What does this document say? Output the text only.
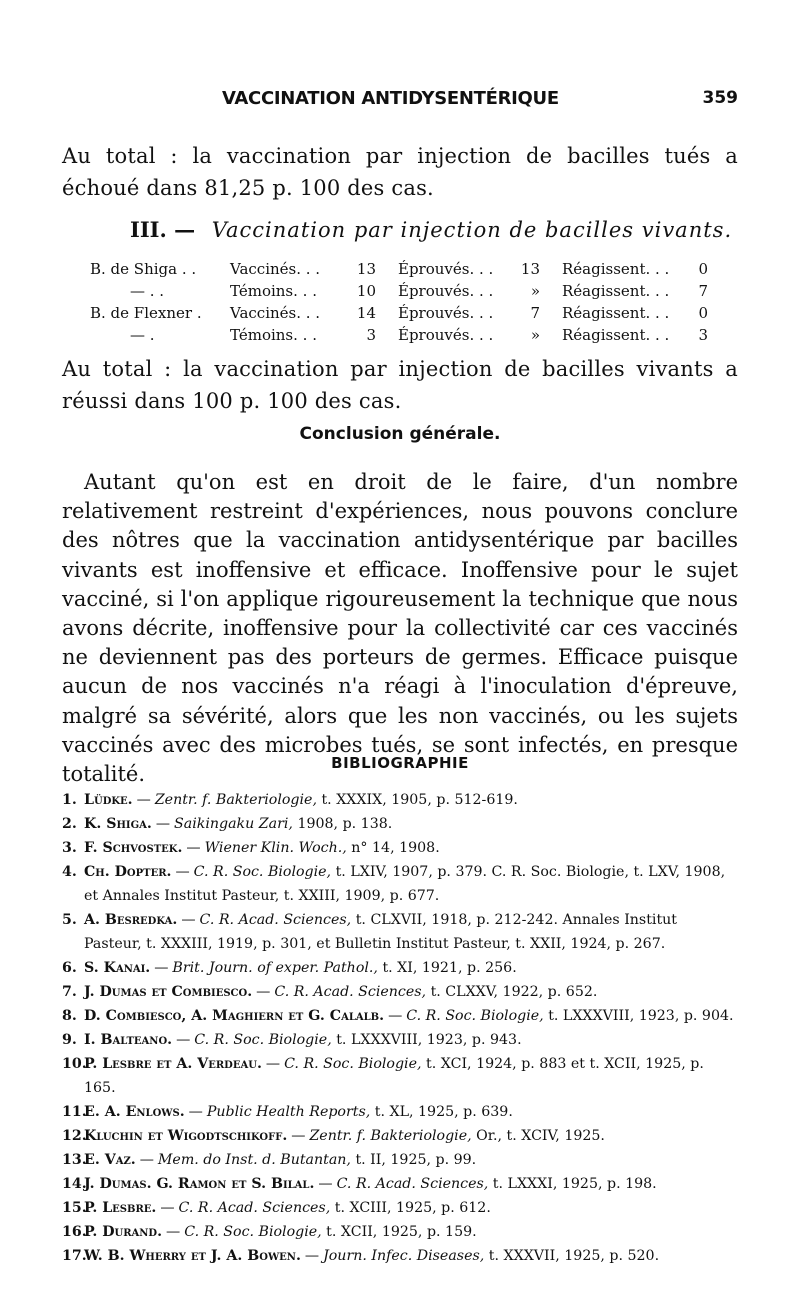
VACCINATION ANTIDYSENTÉRIQUE	359

Au total : la vaccination par injection de bacilles tués a échoué dans 81,25 p. 100 des cas.

III. — Vaccination par injection de bacilles vivants.
B. de Shiga . . Vaccinés. . .	13 Éprouvés. . .	13 Réagissent. . . 0
— . .	Témoins. . .	10 Éprouvés. . .	» Réagissent. . . 7
B. de Flexner . Vaccinés. . .	14 Éprouvés. . .	7 Réagissent. . . 0
— .	Témoins. . .	3 Éprouvés. . .	» Réagissent. . . 3

Au total : la vaccination par injection de bacilles vivants a réussi dans 100 p. 100 des cas.

Conclusion générale.

Autant qu'on est en droit de le faire, d'un nombre relativement restreint d'expériences, nous pouvons conclure des nôtres que la vaccination antidysentérique par bacilles vivants est inoffensive et efficace. Inoffensive pour le sujet vacciné, si l'on applique rigoureusement la technique que nous avons décrite, inoffensive pour la collectivité car ces vaccinés ne deviennent pas des porteurs de germes. Efficace puisque aucun de nos vaccinés n'a réagi à l'inoculation d'épreuve, malgré sa sévérité, alors que les non vaccinés, ou les sujets vaccinés avec des microbes tués, se sont infectés, en presque totalité.	BIBLIOGRAPHIE
1. Lüdke. — Zentr. f. Bakteriologie, t. XXXIX, 1905, p. 512-619.
2. K. Shiga. — Saikingaku Zari, 1908, p. 138.
3. F. Schvostek. — Wiener Klin. Woch., n° 14, 1908.
4. Ch. Dopter. — C. R. Soc. Biologie, t. LXIV, 1907, p. 379. C. R. Soc. Biologie, t. LXV, 1908, et Annales Institut Pasteur, t. XXIII, 1909, p. 677.
5. A. Besredka. — C. R. Acad. Sciences, t. CLXVII, 1918, p. 212-242. Annales Institut Pasteur, t. XXXIII, 1919, p. 301, et Bulletin Institut Pasteur, t. XXII, 1924, p. 267.
6. S. Kanai. — Brit. Journ. of exper. Pathol., t. XI, 1921, p. 256.
7. J. Dumas et Combiesco. — C. R. Acad. Sciences, t. CLXXV, 1922, p. 652.
8. D. Combiesco, A. Maghiern et G. Calalb. — C. R. Soc. Biologie, t. LXXXVIII, 1923, p. 904.
9. I. Balteano. — C. R. Soc. Biologie, t. LXXXVIII, 1923, p. 943.
10.P. Lesbre et A. Verdeau. — C. R. Soc. Biologie, t. XCI, 1924, p. 883 et t. XCII, 1925, p. 165.
11.E. A. Enlows. — Public Health Reports, t. XL, 1925, p. 639.
12.Kluchin et Wigodtschikoff. — Zentr. f. Bakteriologie, Or., t. XCIV, 1925.
13.E. Vaz. — Mem. do Inst. d. Butantan, t. II, 1925, p. 99.
14.J. Dumas. G. Ramon et S. Bilal. — C. R. Acad. Sciences, t. LXXXI, 1925, p. 198.
15.P. Lesbre. — C. R. Acad. Sciences, t. XCIII, 1925, p. 612.
16.P. Durand. — C. R. Soc. Biologie, t. XCII, 1925, p. 159.
17.W. B. Wherry et J. A. Bowen. — Journ. Infec. Diseases, t. XXXVII, 1925, p. 520.
